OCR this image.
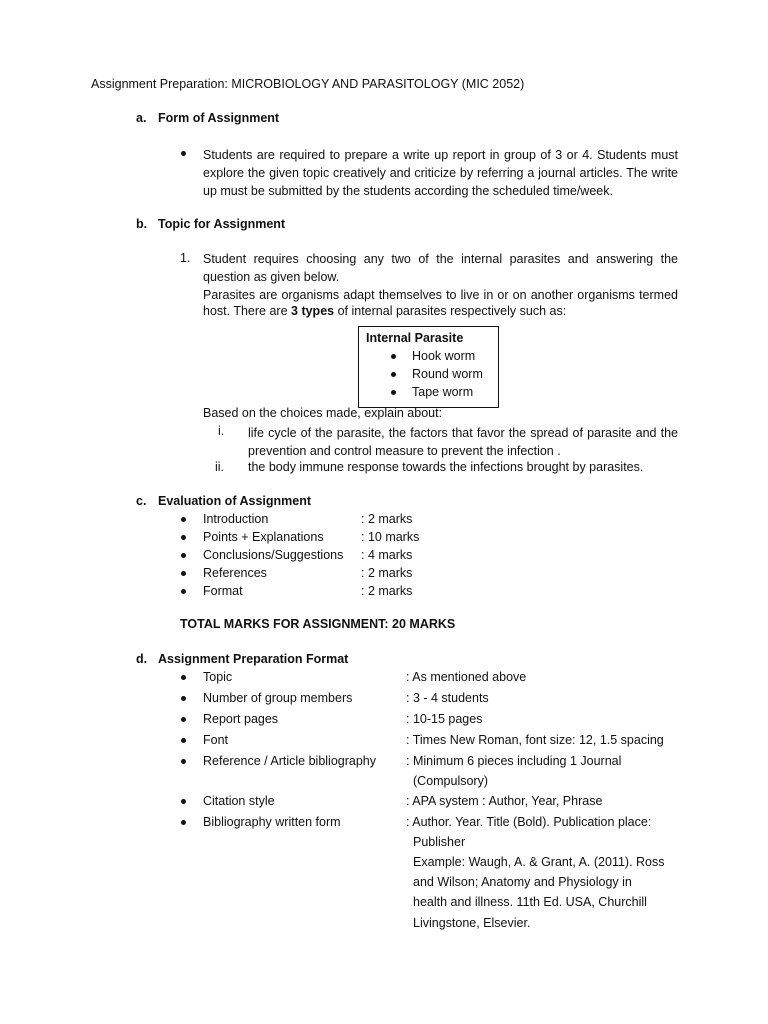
Assignment Preparation: MICROBIOLOGY AND PARASITOLOGY (MIC 2052)
a. Form of Assignment
Students are required to prepare a write up report in group of 3 or 4. Students must explore the given topic creatively and criticize by referring a journal articles. The write up must be submitted by the students according the scheduled time/week.
b. Topic for Assignment
1. Student requires choosing any two of the internal parasites and answering the question as given below.
Parasites are organisms adapt themselves to live in or on another organisms termed
host. There are 3 types of internal parasites respectively such as:
Internal Parasite
Hook worm
Round worm
Tape worm
Based on the choices made, explain about:
i. life cycle of the parasite, the factors that favor the spread of parasite and the prevention and control measure to prevent the infection .
ii. the body immune response towards the infections brought by parasites.
c. Evaluation of Assignment
Introduction	: 2 marks
Points + Explanations	: 10 marks
Conclusions/Suggestions : 4 marks
References	: 2 marks
Format	: 2 marks
TOTAL MARKS FOR ASSIGNMENT: 20 MARKS
d. Assignment Preparation Format
Topic	: As mentioned above
Number of group members	: 3 - 4 students
Report pages	: 10-15 pages
Font	: Times New Roman, font size: 12, 1.5 spacing
Reference / Article bibliography : Minimum 6 pieces including 1 Journal
(Compulsory)
Citation style	: APA system : Author, Year, Phrase
Bibliography written form	: Author. Year. Title (Bold). Publication place:
Publisher
Example: Waugh, A. & Grant, A. (2011). Ross
and Wilson; Anatomy and Physiology in
health and illness. 11th Ed. USA, Churchill
Livingstone, Elsevier.
